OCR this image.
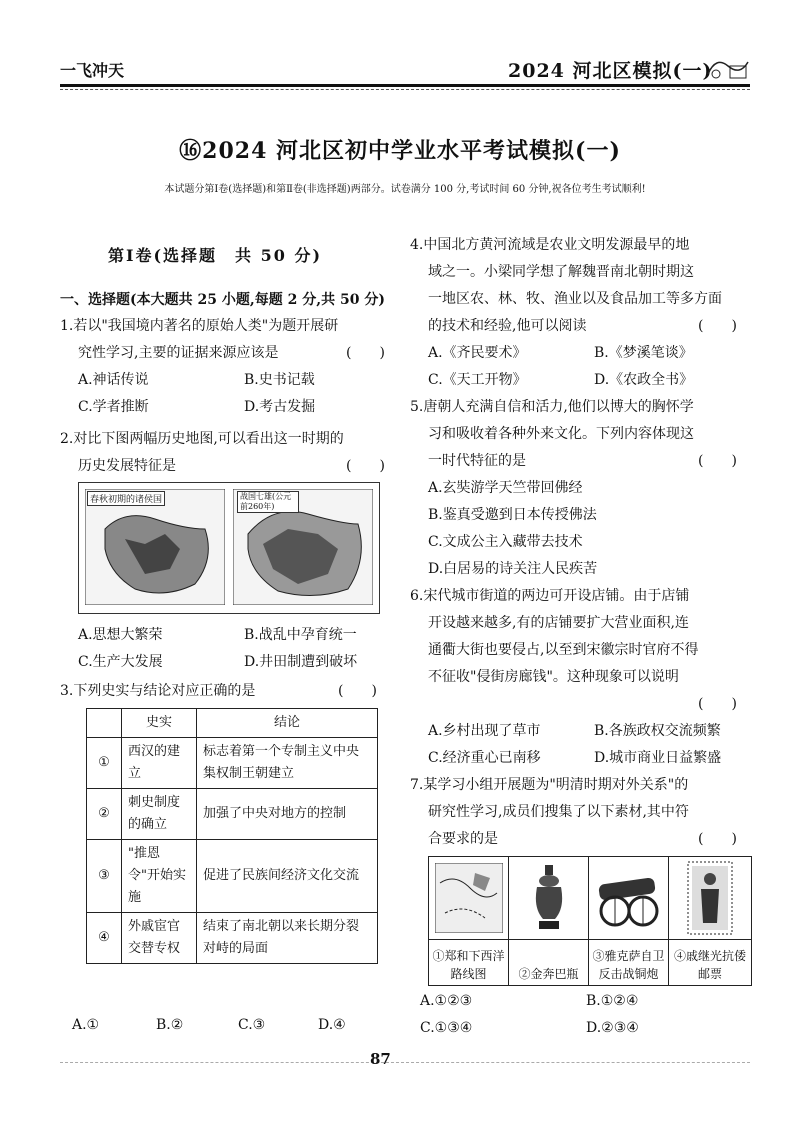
一飞冲天	2024 河北区模拟(一)
⑯2024 河北区初中学业水平考试模拟(一)
本试题分第Ⅰ卷(选择题)和第Ⅱ卷(非选择题)两部分。试卷满分 100 分,考试时间 60 分钟,祝各位考生考试顺利!
第Ⅰ卷(选择题　共 50 分)
一、选择题(本大题共 25 小题,每题 2 分,共 50 分)
1.若以"我国境内著名的原始人类"为题开展研
究性学习,主要的证据来源应该是	(　　)
A.神话传说	B.史书记载
C.学者推断	D.考古发掘
2.对比下图两幅历史地图,可以看出这一时期的
历史发展特征是	(　　)
春秋初期的诸侯国	战国七雄(公元前260年)
A.思想大繁荣	B.战乱中孕育统一
C.生产大发展	D.井田制遭到破坏
3.下列史实与结论对应正确的是	(　　)
	史实	结论
①	西汉的建立	标志着第一个专制主义中央集权制王朝建立
②	刺史制度的确立	加强了中央对地方的控制
③	"推恩令"开始实施	促进了民族间经济文化交流
④	外戚宦官交替专权	结束了南北朝以来长期分裂对峙的局面
A.①	B.②	C.③	D.④
4.中国北方黄河流域是农业文明发源最早的地
域之一。小梁同学想了解魏晋南北朝时期这
一地区农、林、牧、渔业以及食品加工等多方面
的技术和经验,他可以阅读	(　　)
A.《齐民要术》	B.《梦溪笔谈》
C.《天工开物》	D.《农政全书》
5.唐朝人充满自信和活力,他们以博大的胸怀学
习和吸收着各种外来文化。下列内容体现这
一时代特征的是	(　　)
A.玄奘游学天竺带回佛经
B.鉴真受邀到日本传授佛法
C.文成公主入藏带去技术
D.白居易的诗关注人民疾苦
6.宋代城市街道的两边可开设店铺。由于店铺
开设越来越多,有的店铺要扩大营业面积,连
通衢大街也要侵占,以至到宋徽宗时官府不得
不征收"侵街房廊钱"。这种现象可以说明
(　　)
A.乡村出现了草市	B.各族政权交流频繁
C.经济重心已南移	D.城市商业日益繁盛
7.某学习小组开展题为"明清时期对外关系"的
研究性学习,成员们搜集了以下素材,其中符
合要求的是	(　　)
①郑和下西洋路线图	②金奔巴瓶
③雅克萨自卫反击战铜炮
④戚继光抗倭邮票
A.①②③	B.①②④
C.①③④	D.②③④
87
